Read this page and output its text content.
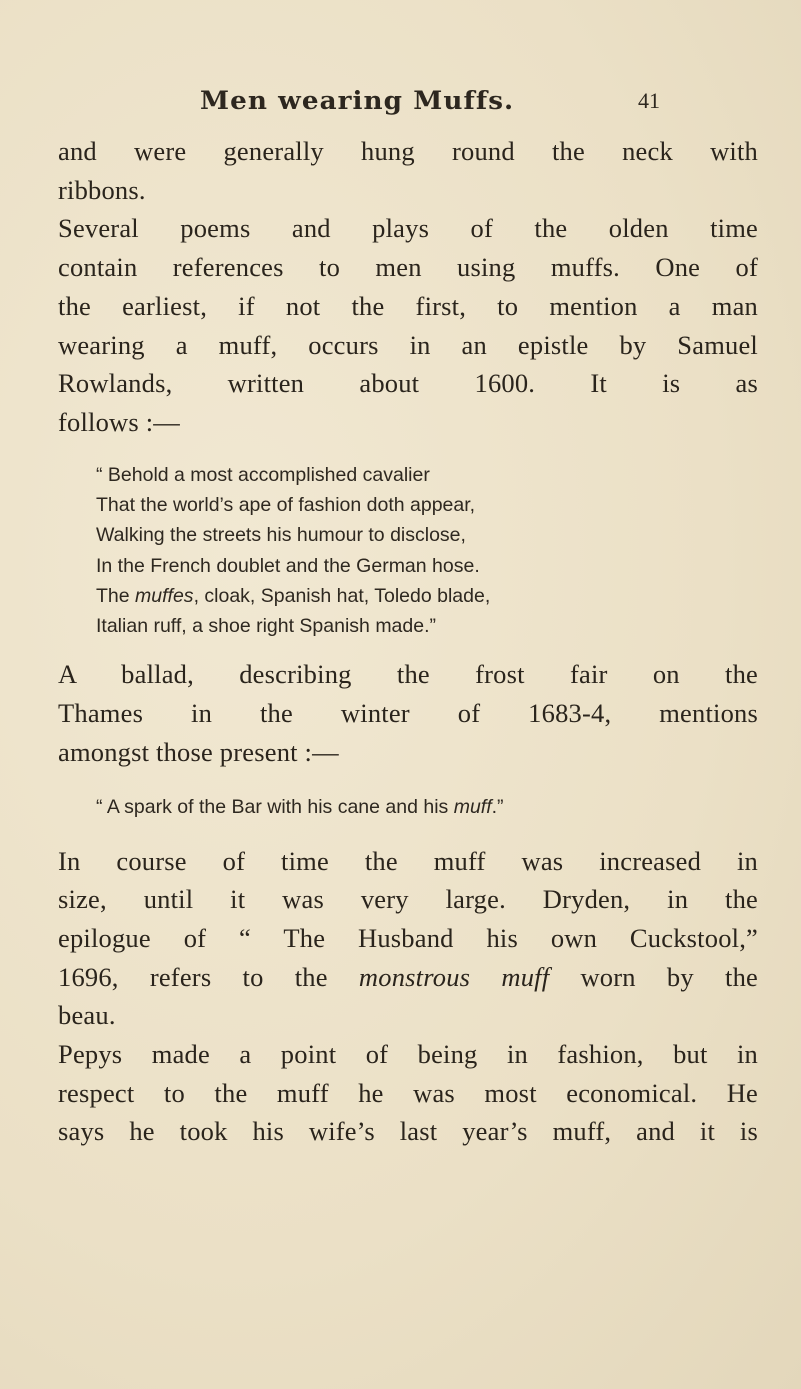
Men wearing Muffs.	41
and were generally hung round the neck with
ribbons.
Several poems and plays of the olden time
contain references to men using muffs. One of
the earliest, if not the first, to mention a man
wearing a muff, occurs in an epistle by Samuel
Rowlands, written about 1600. It is as
follows :—
“ Behold a most accomplished cavalier
That the world’s ape of fashion doth appear,
Walking the streets his humour to disclose,
In the French doublet and the German hose.
The muffes, cloak, Spanish hat, Toledo blade,
Italian ruff, a shoe right Spanish made.”
A ballad, describing the frost fair on the
Thames in the winter of 1683-4, mentions
amongst those present :—
“ A spark of the Bar with his cane and his muff.”
In course of time the muff was increased in
size, until it was very large. Dryden, in the
epilogue of “ The Husband his own Cuckstool,”
1696, refers to the monstrous muff worn by the
beau.
Pepys made a point of being in fashion, but in
respect to the muff he was most economical. He
says he took his wife’s last year’s muff, and it is
